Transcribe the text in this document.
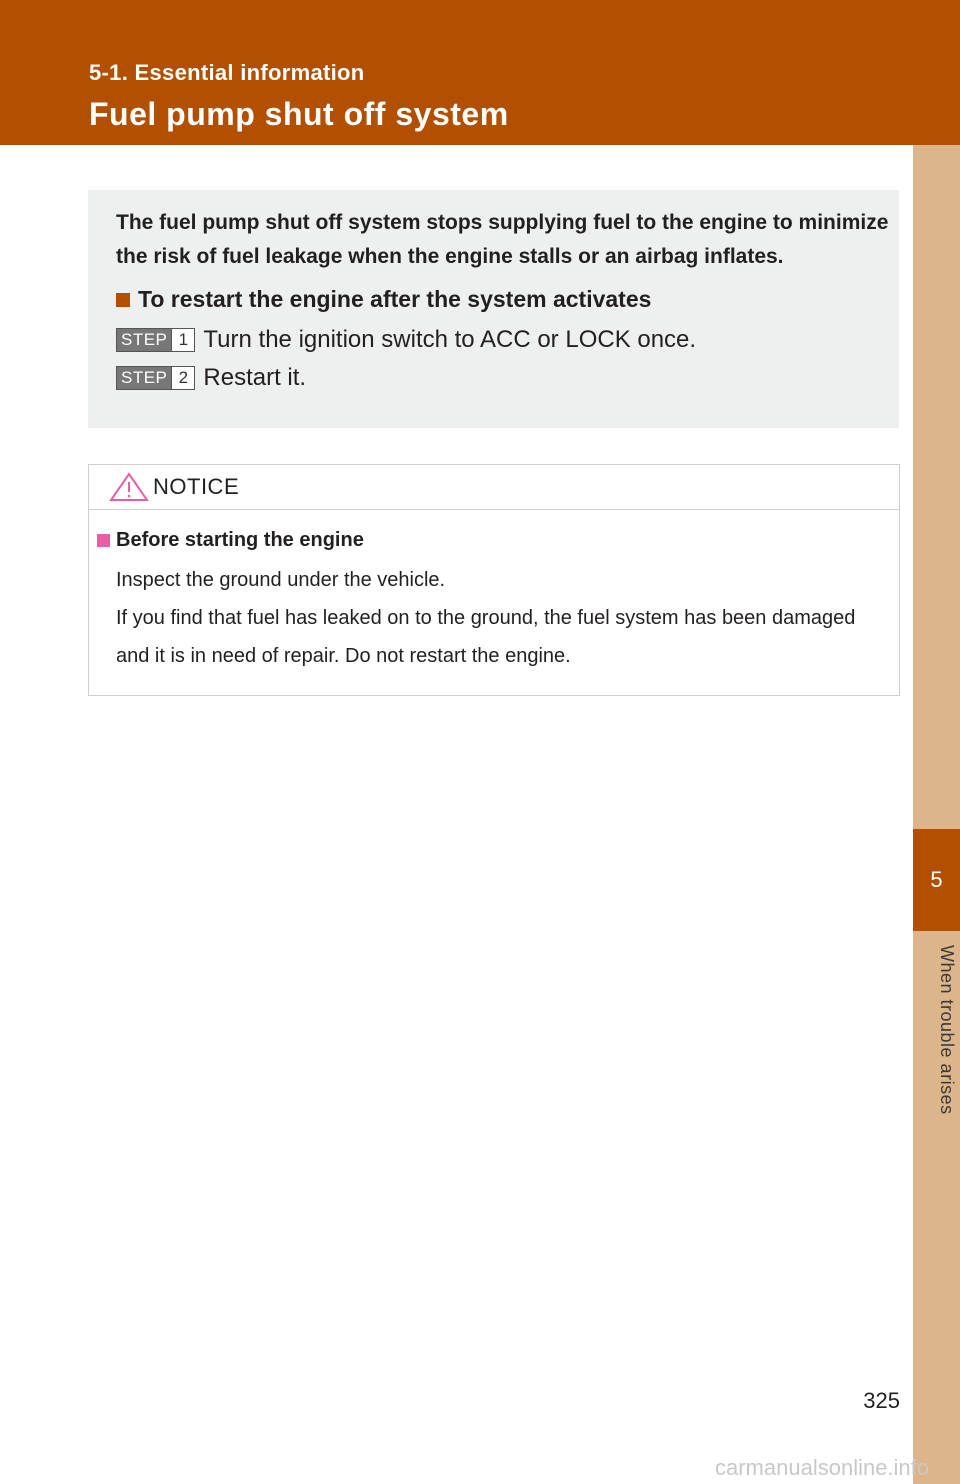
5-1. Essential information
Fuel pump shut off system
5
When trouble arises

The fuel pump shut off system stops supplying fuel to the engine to minimize
the risk of fuel leakage when the engine stalls or an airbag inflates.

To restart the engine after the system activates
STEP 1 Turn the ignition switch to ACC or LOCK once.
STEP 2 Restart it.
NOTICE
Before starting the engine

Inspect the ground under the vehicle.

If you find that fuel has leaked on to the ground, the fuel system has been damaged

and it is in need of repair. Do not restart the engine.

325
carmanualsonline.info
